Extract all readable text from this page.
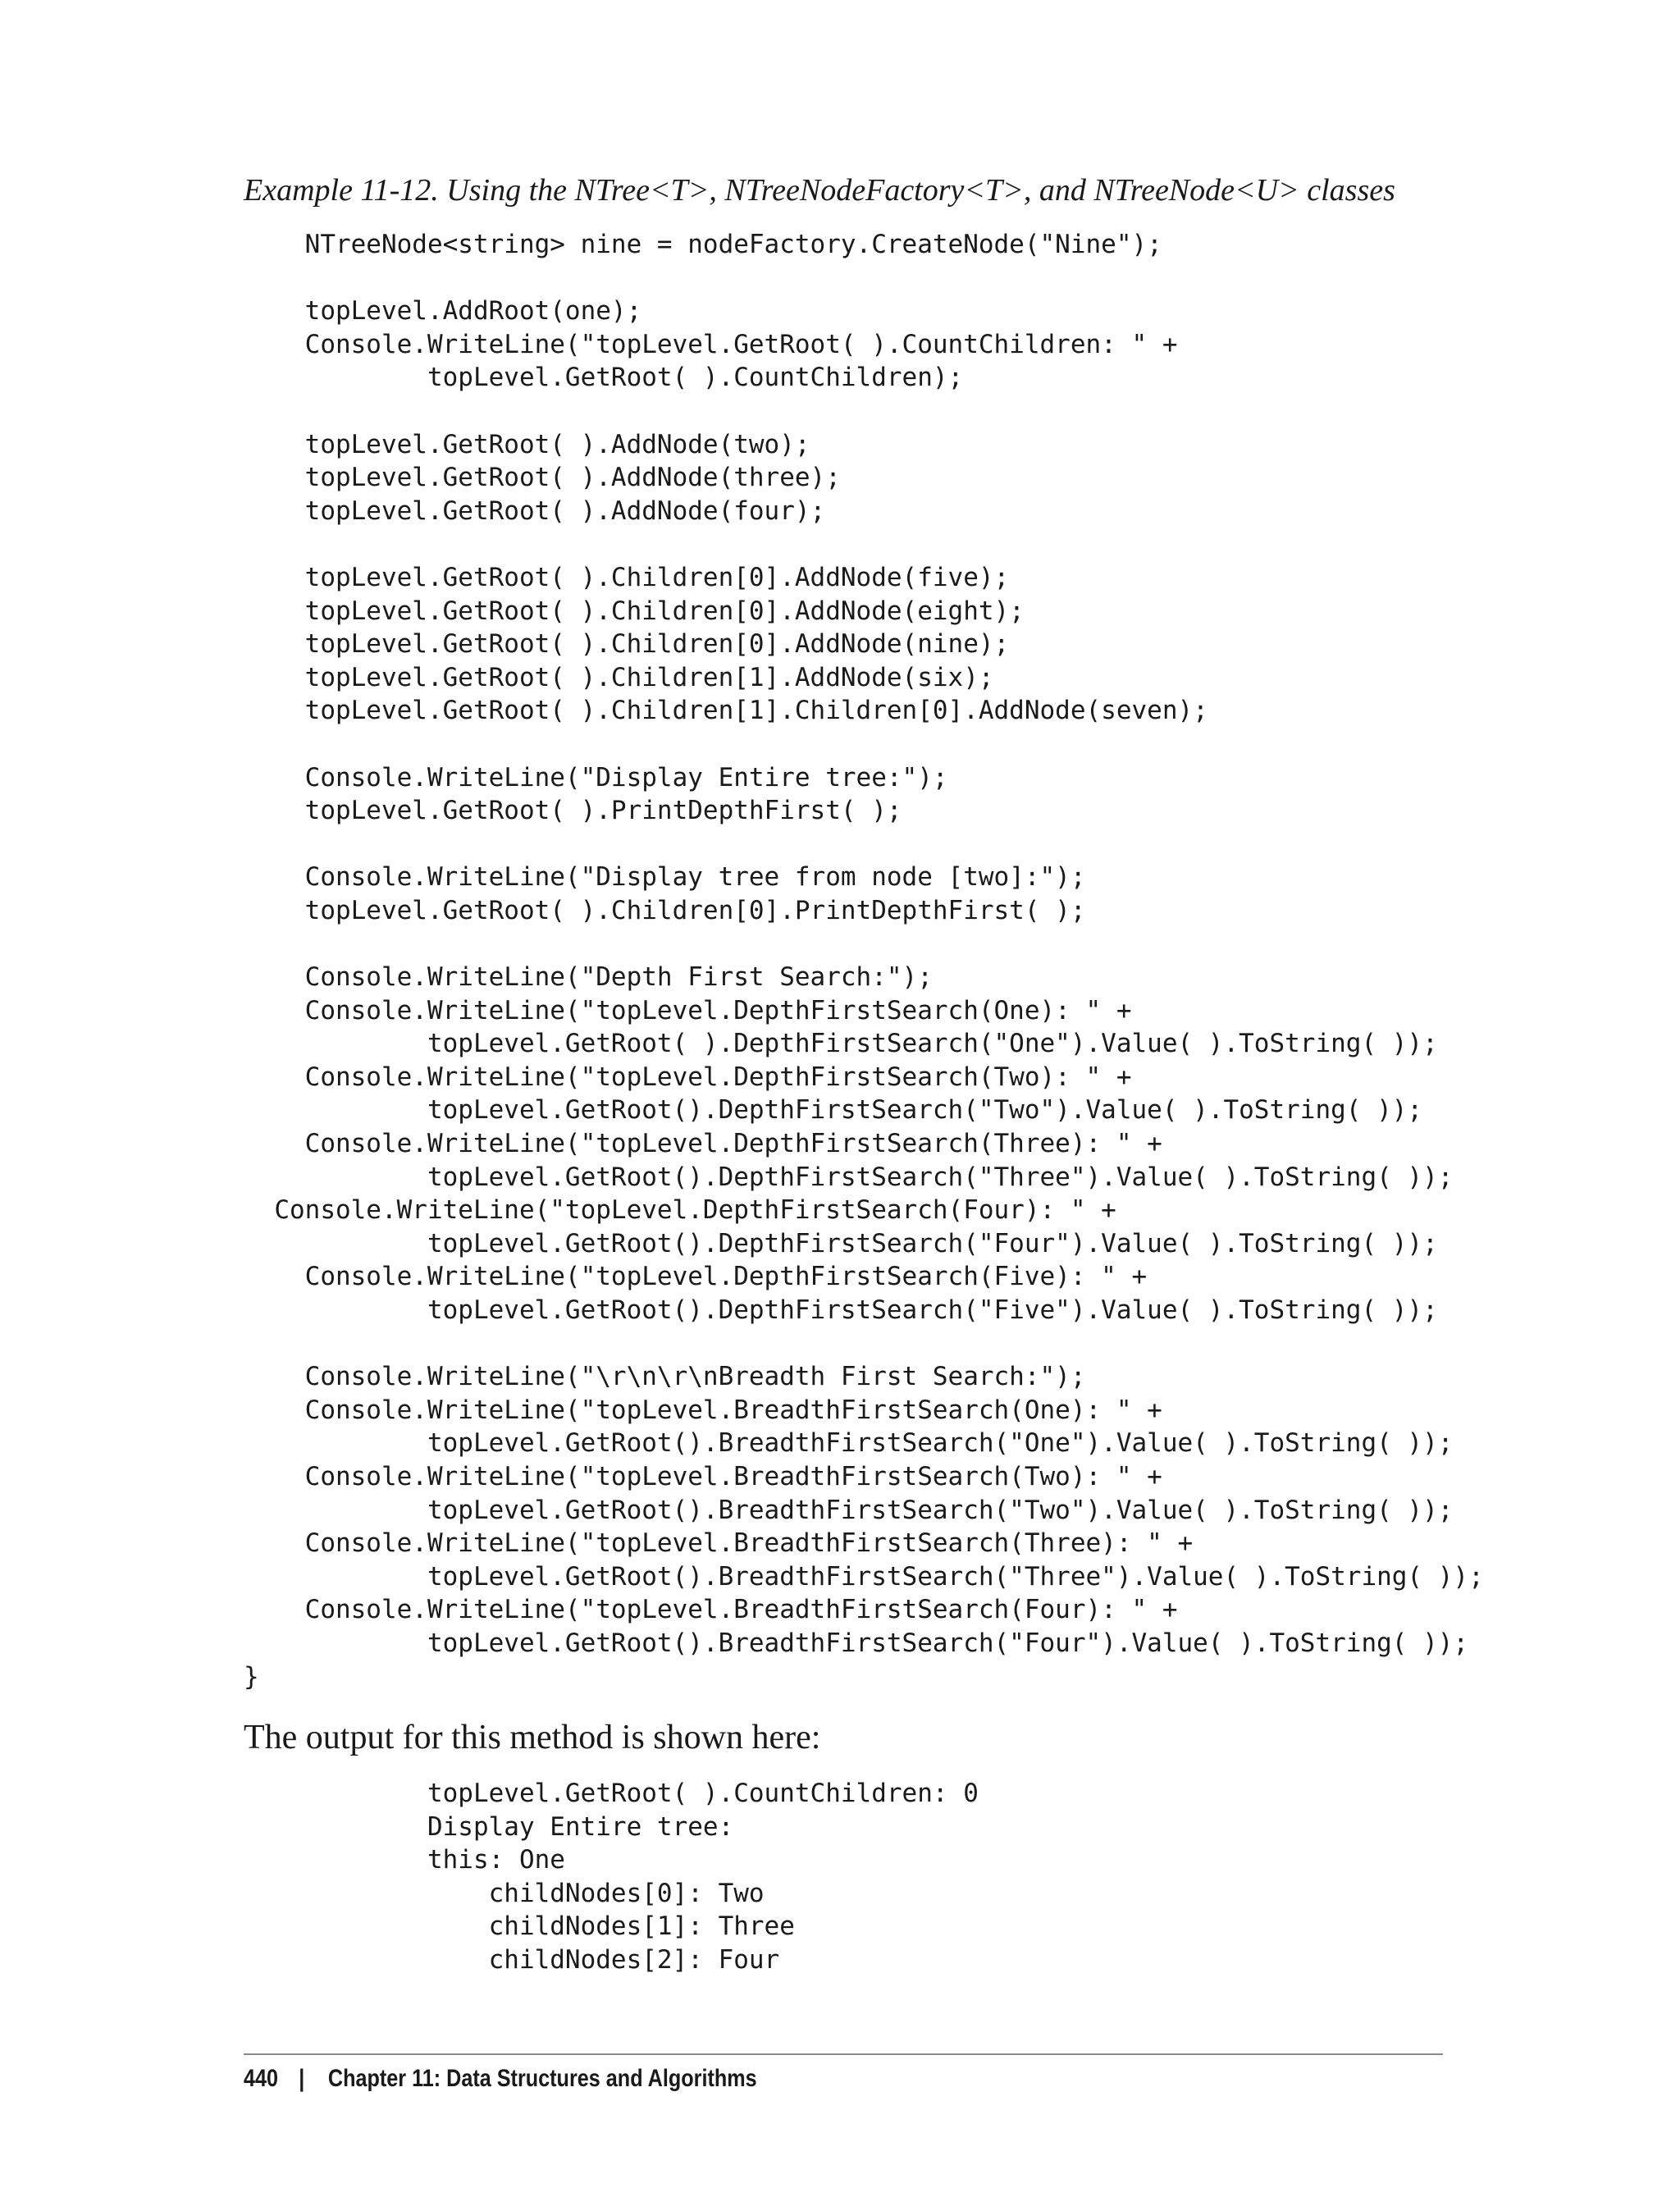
Example 11-12. Using the NTree<T>, NTreeNodeFactory<T>, and NTreeNode<U> classes
NTreeNode<string> nine = nodeFactory.CreateNode("Nine");
topLevel.AddRoot(one);
Console.WriteLine("topLevel.GetRoot( ).CountChildren: " +
topLevel.GetRoot( ).CountChildren);
topLevel.GetRoot( ).AddNode(two);
topLevel.GetRoot( ).AddNode(three);
topLevel.GetRoot( ).AddNode(four);
topLevel.GetRoot( ).Children[0].AddNode(five);
topLevel.GetRoot( ).Children[0].AddNode(eight);
topLevel.GetRoot( ).Children[0].AddNode(nine);
topLevel.GetRoot( ).Children[1].AddNode(six);
topLevel.GetRoot( ).Children[1].Children[0].AddNode(seven);
Console.WriteLine("Display Entire tree:");
topLevel.GetRoot( ).PrintDepthFirst( );
Console.WriteLine("Display tree from node [two]:");
topLevel.GetRoot( ).Children[0].PrintDepthFirst( );
Console.WriteLine("Depth First Search:");
Console.WriteLine("topLevel.DepthFirstSearch(One): " +
topLevel.GetRoot( ).DepthFirstSearch("One").Value( ).ToString( ));
Console.WriteLine("topLevel.DepthFirstSearch(Two): " +
topLevel.GetRoot().DepthFirstSearch("Two").Value( ).ToString( ));
Console.WriteLine("topLevel.DepthFirstSearch(Three): " +
topLevel.GetRoot().DepthFirstSearch("Three").Value( ).ToString( ));
Console.WriteLine("topLevel.DepthFirstSearch(Four): " +
topLevel.GetRoot().DepthFirstSearch("Four").Value( ).ToString( ));
Console.WriteLine("topLevel.DepthFirstSearch(Five): " +
topLevel.GetRoot().DepthFirstSearch("Five").Value( ).ToString( ));
Console.WriteLine("\r\n\r\nBreadth First Search:");
Console.WriteLine("topLevel.BreadthFirstSearch(One): " +
topLevel.GetRoot().BreadthFirstSearch("One").Value( ).ToString( ));
Console.WriteLine("topLevel.BreadthFirstSearch(Two): " +
topLevel.GetRoot().BreadthFirstSearch("Two").Value( ).ToString( ));
Console.WriteLine("topLevel.BreadthFirstSearch(Three): " +
topLevel.GetRoot().BreadthFirstSearch("Three").Value( ).ToString( ));
Console.WriteLine("topLevel.BreadthFirstSearch(Four): " +
topLevel.GetRoot().BreadthFirstSearch("Four").Value( ).ToString( ));
}
The output for this method is shown here:
topLevel.GetRoot( ).CountChildren: 0
Display Entire tree:
this: One
childNodes[0]: Two
childNodes[1]: Three
childNodes[2]: Four
440 | Chapter 11: Data Structures and Algorithms
